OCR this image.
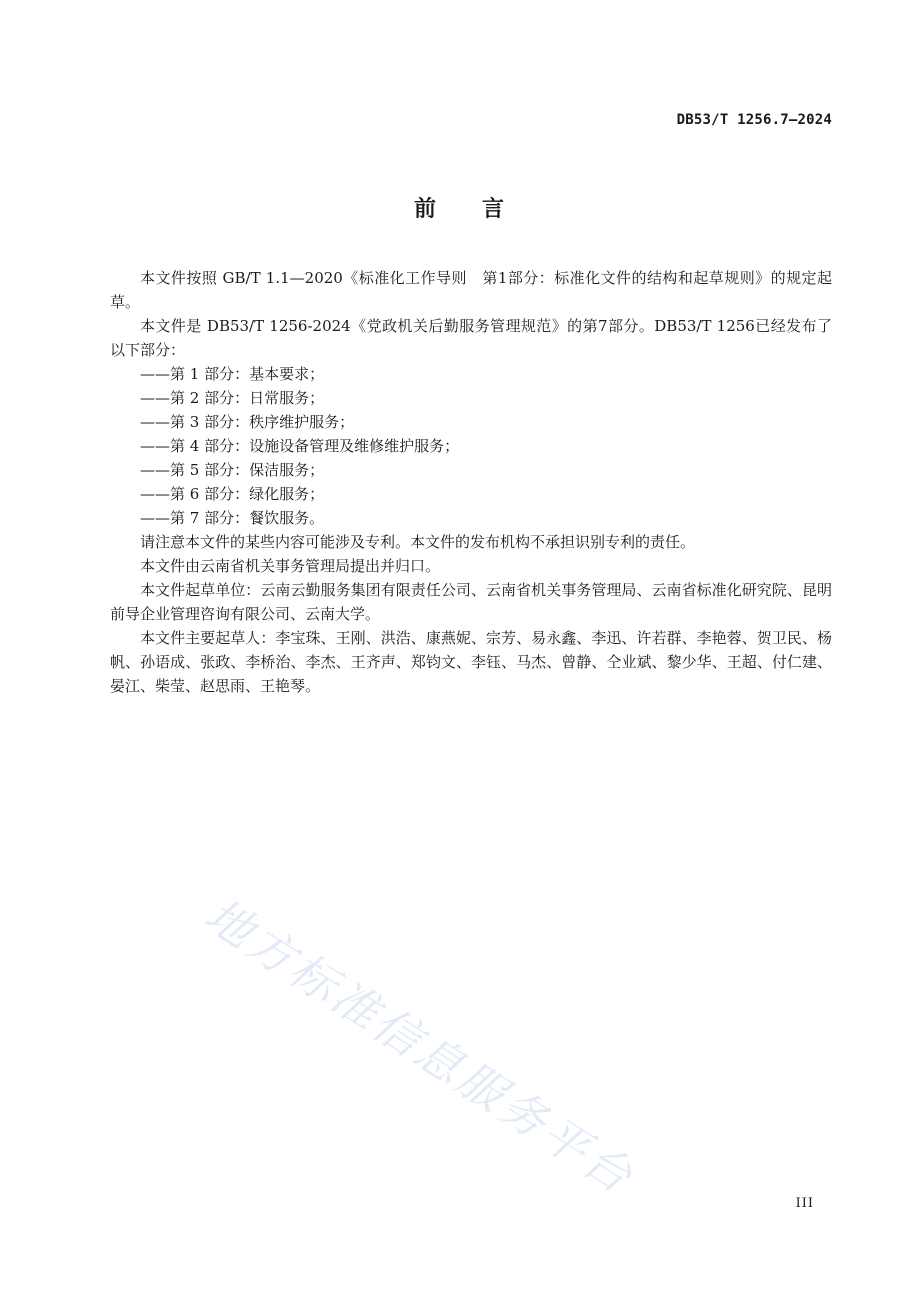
DB53/T 1256.7—2024
前 言

本文件按照 GB/T 1.1—2020《标准化工作导则　第1部分：标准化文件的结构和起草规则》的规定起草。

本文件是 DB53/T 1256-2024《党政机关后勤服务管理规范》的第7部分。DB53/T 1256已经发布了以下部分：

——第 1 部分：基本要求；
——第 2 部分：日常服务；
——第 3 部分：秩序维护服务；
——第 4 部分：设施设备管理及维修维护服务；
——第 5 部分：保洁服务；
——第 6 部分：绿化服务；
——第 7 部分：餐饮服务。

请注意本文件的某些内容可能涉及专利。本文件的发布机构不承担识别专利的责任。

本文件由云南省机关事务管理局提出并归口。

本文件起草单位：云南云勤服务集团有限责任公司、云南省机关事务管理局、云南省标准化研究院、昆明前导企业管理咨询有限公司、云南大学。

本文件主要起草人：李宝珠、王刚、洪浩、康燕妮、宗芳、易永鑫、李迅、许若群、李艳蓉、贺卫民、杨帆、孙语成、张政、李桥治、李杰、王齐声、郑钧文、李钰、马杰、曾静、仝业斌、黎少华、王超、付仁建、晏江、柴莹、赵思雨、王艳琴。

地方标准信息服务平台	III
